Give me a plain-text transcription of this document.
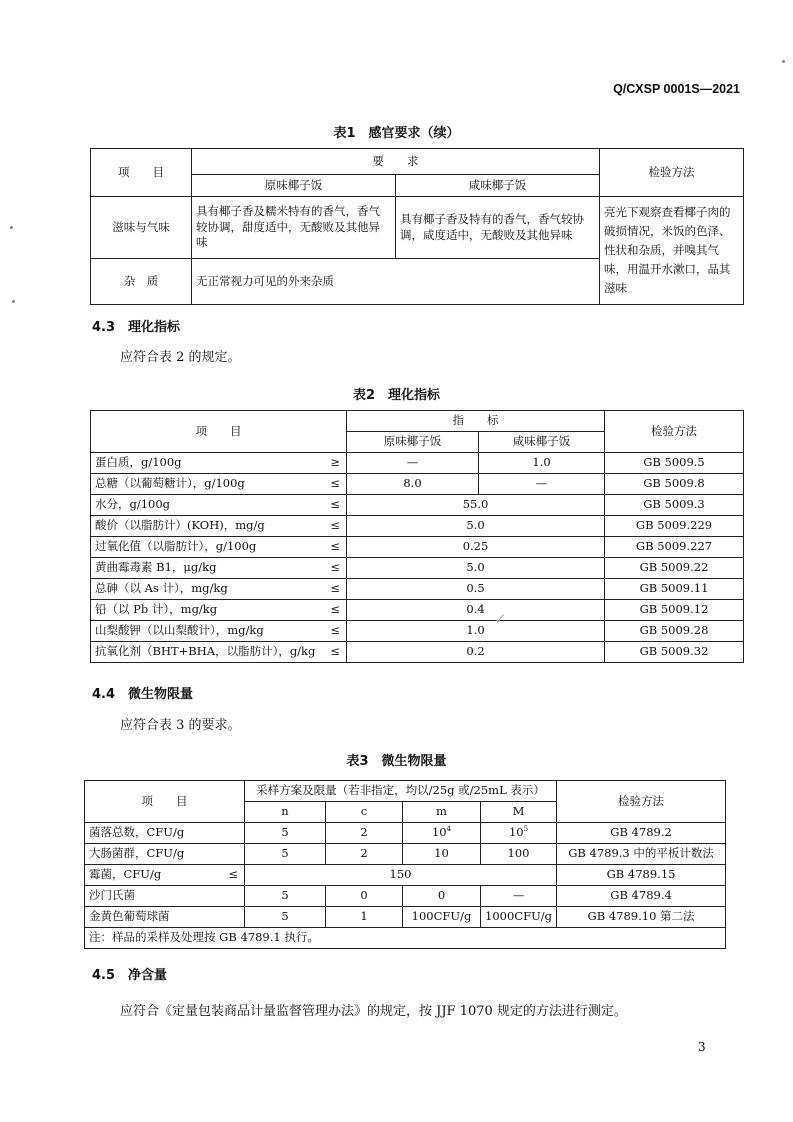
Q/CXSP 0001S—2021
表1　感官要求（续）
项　　目	要　　求		检验方法
	原味椰子饭	咸味椰子饭	
滋味与气味	具有椰子香及糯米特有的香气，香气较协调，甜度适中，无酸败及其他异味	具有椰子香及特有的香气，香气较协调，咸度适中，无酸败及其他异味	亮光下观察查看椰子肉的破损情况，米饭的色泽、性状和杂质，并嗅其气味，用温开水漱口，品其滋味
杂　质	无正常视力可见的外来杂质		
4.3　理化指标
应符合表 2 的规定。
表2　理化指标
项　　目	指　　标		检验方法
	原味椰子饭	咸味椰子饭	
蛋白质，g/100g ≥	—	1.0	GB 5009.5
总糖（以葡萄糖计），g/100g ≤	8.0	—	GB 5009.8
水分，g/100g ≤	55.0		GB 5009.3
酸价（以脂肪计）(KOH)，mg/g ≤	5.0		GB 5009.229
过氧化值（以脂肪计），g/100g ≤	0.25		GB 5009.227
黄曲霉毒素 B1，μg/kg ≤	5.0		GB 5009.22
总砷（以 As 计），mg/kg ≤	0.5		GB 5009.11
铅（以 Pb 计），mg/kg ≤	0.4		GB 5009.12
山梨酸钾（以山梨酸计），mg/kg ≤	1.0		GB 5009.28
抗氧化剂（BHT+BHA，以脂肪计），g/kg ≤	0.2		GB 5009.32
✓
4.4　微生物限量
应符合表 3 的要求。
表3　微生物限量
项　　目	采样方案及限量（若非指定，均以/25g 或/25mL 表示）				检验方法
	n	c	m	M	
菌落总数，CFU/g	5	2	$10^4$	$10^5$	GB 4789.2
大肠菌群，CFU/g	5	2	10	100	GB 4789.3 中的平板计数法
霉菌，CFU/g ≤	150				GB 4789.15
沙门氏菌	5	0	0	—	GB 4789.4
金黄色葡萄球菌	5	1	100CFU/g	1000CFU/g	GB 4789.10 第二法
注：样品的采样及处理按 GB 4789.1 执行。					
4.5　净含量
应符合《定量包装商品计量监督管理办法》的规定，按 JJF 1070 规定的方法进行测定。
3
